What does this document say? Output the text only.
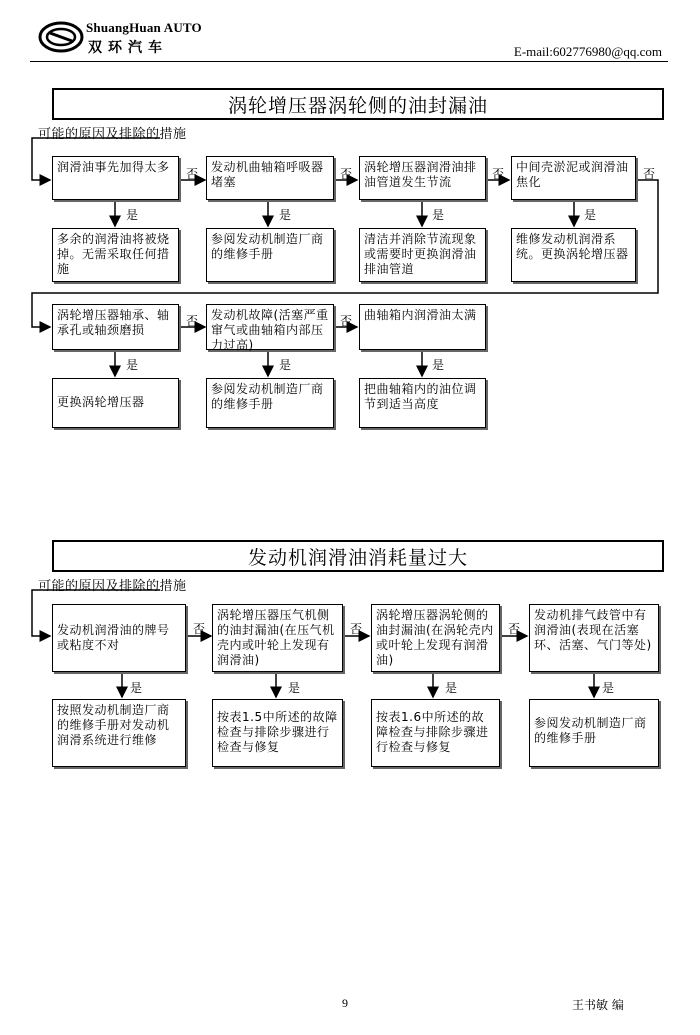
ShuangHuan AUTO
双环汽车	E-mail:602776980@qq.com
涡轮增压器涡轮侧的油封漏油
可能的原因及排除的措施
润滑油事先加得太多	发动机曲轴箱呼吸器堵塞
涡轮增压器润滑油排油管道发生节流
中间壳淤泥或润滑油焦化
否	否	否	否
是	是	是	是
多余的润滑油将被烧掉。无需采取任何措施
参阅发动机制造厂商的维修手册
清洁并消除节流现象或需要时更换润滑油排油管道
维修发动机润滑系统。更换涡轮增压器
涡轮增压器轴承、轴承孔或轴颈磨损
发动机故障(活塞严重窜气或曲轴箱内部压力过高)
曲轴箱内润滑油太满
否	否
是	是	是
更换涡轮增压器
参阅发动机制造厂商的维修手册
把曲轴箱内的油位调节到适当高度
发动机润滑油消耗量过大
可能的原因及排除的措施
发动机润滑油的牌号或粘度不对
涡轮增压器压气机侧的油封漏油(在压气机壳内或叶轮上发现有润滑油)
涡轮增压器涡轮侧的油封漏油(在涡轮壳内或叶轮上发现有润滑油)
发动机排气歧管中有润滑油(表现在活塞环、活塞、气门等处)
否	否	否
是	是	是	是
按照发动机制造厂商的维修手册对发动机润滑系统进行维修
按表1.5中所述的故障检查与排除步骤进行检查与修复
按表1.6中所述的故障检查与排除步骤进行检查与修复
参阅发动机制造厂商的维修手册
9	王书敏 编
